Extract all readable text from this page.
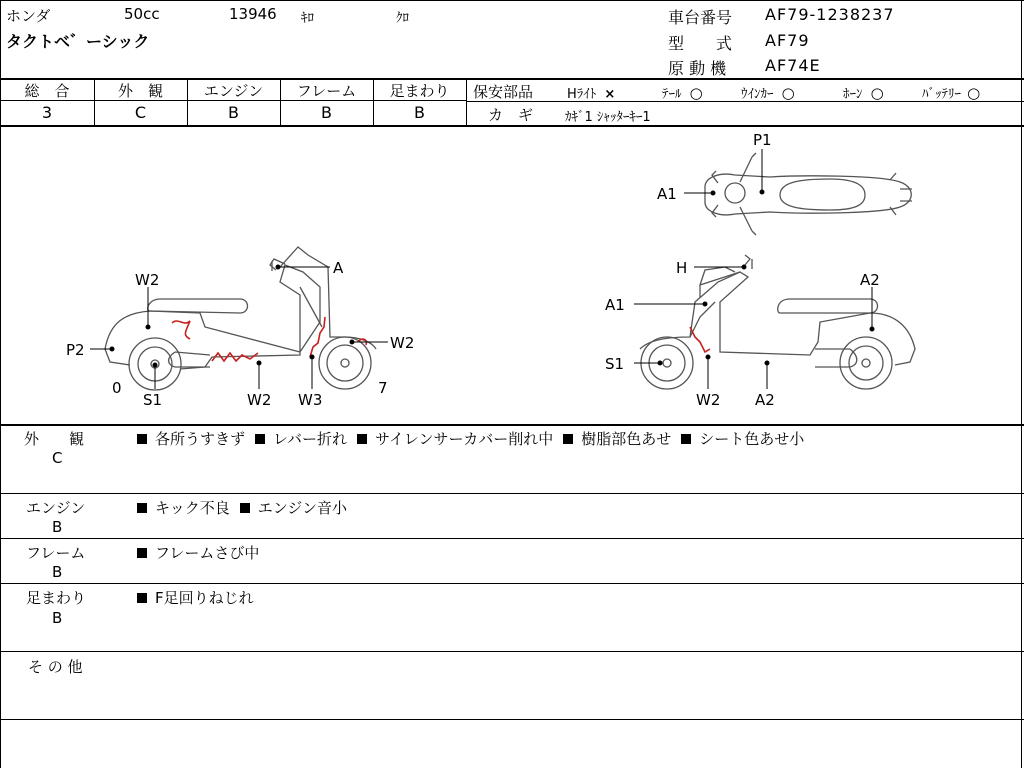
ホンダ	50cc	13946 ｷﾛ	ｸﾛ
タクトベ゛ーシック
車台番号 AF79-1238237
型　　式 AF79
原 動 機 AF74E
総　合
3
外　観
C
エンジン
B
フレーム
B
足まわり
B
保安部品	Hﾗｲﾄ ×	ﾃｰﾙ ○	ｳｲﾝｶｰ ○	ﾎｰﾝ ○	ﾊﾞｯﾃﾘｰ ○
カ　ギ ｶｷﾞ1 ｼｬｯﾀｰｷｰ1
W2
A
P2	W2
0
S1	W2 W3
7
P1
A1
H
A2
A1
S1
W2 A2
外　　観
C
各所うすきず レバー折れ サイレンサーカバー削れ中 樹脂部色あせ シート色あせ小
エンジン
B
キック不良 エンジン音小
フレーム
B
フレームさび中
足まわり
B
F足回りねじれ
そ の 他
